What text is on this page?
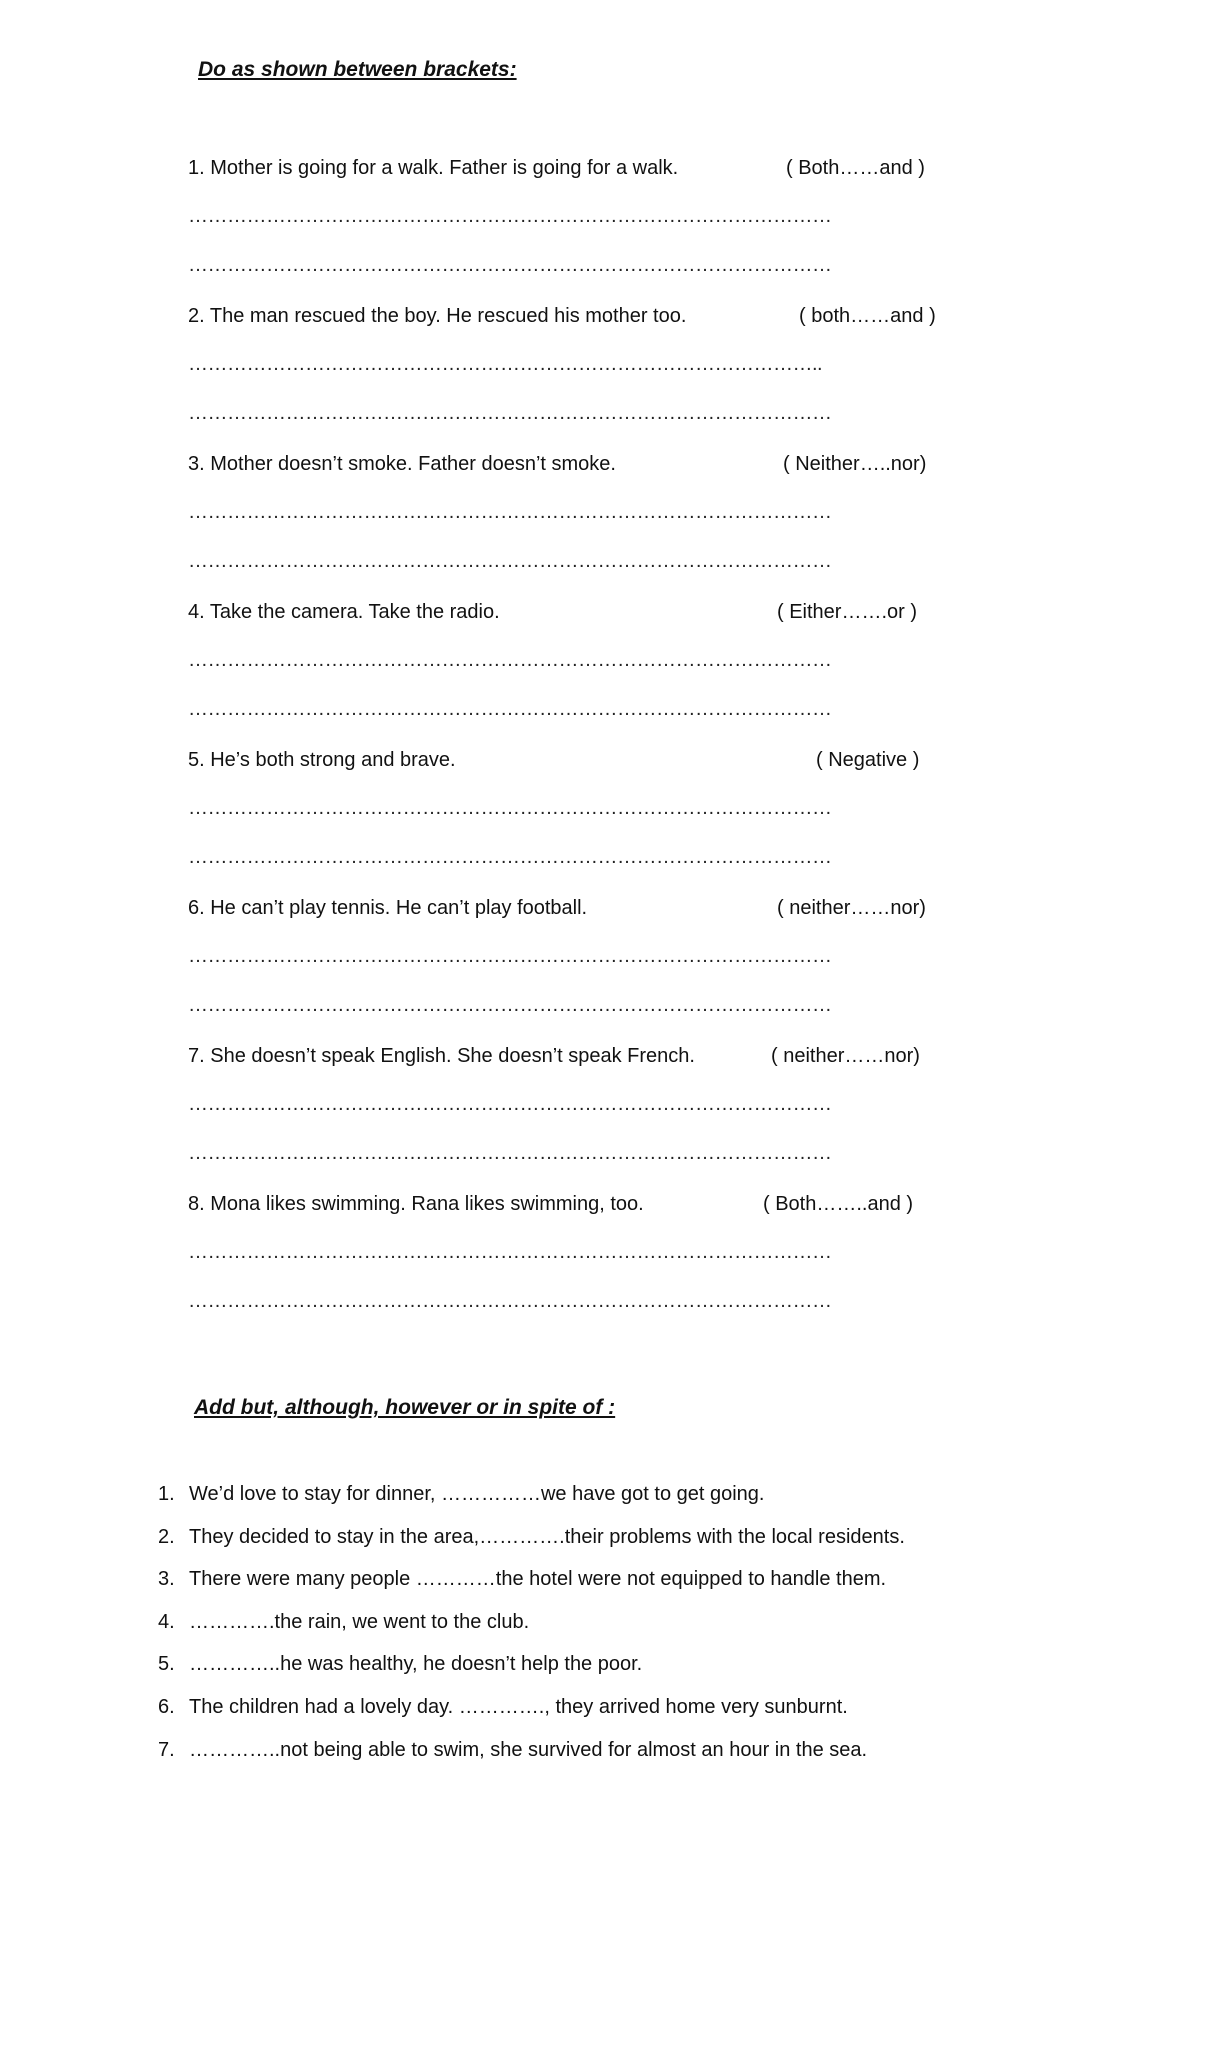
Do as shown between brackets:
1. Mother is going for a walk. Father is going for a walk.	( Both……and )
………………………………………………………………………………………
………………………………………………………………………………………
2. The man rescued the boy. He rescued his mother too.	( both……and )
……………………………………………………………………………………..
………………………………………………………………………………………
3. Mother doesn’t smoke. Father doesn’t smoke.	( Neither…..nor)
………………………………………………………………………………………
………………………………………………………………………………………
4. Take the camera. Take the radio.	( Either…….or )
………………………………………………………………………………………
………………………………………………………………………………………
5. He’s both strong and brave.	( Negative )
………………………………………………………………………………………
………………………………………………………………………………………
6. He can’t play tennis. He can’t play football.	( neither……nor)
………………………………………………………………………………………
………………………………………………………………………………………
7. She doesn’t speak English. She doesn’t speak French.	( neither……nor)
………………………………………………………………………………………
………………………………………………………………………………………
8. Mona likes swimming. Rana likes swimming, too.	( Both……..and )
………………………………………………………………………………………
………………………………………………………………………………………
Add but, although, however or in spite of :
1. We’d love to stay for dinner, ……………we have got to get going.
2. They decided to stay in the area,………….their problems with the local residents.
3. There were many people …………the hotel were not equipped to handle them.
4. ………….the rain, we went to the club.
5. …………..he was healthy, he doesn’t help the poor.
6. The children had a lovely day. …………., they arrived home very sunburnt.
7. …………..not being able to swim, she survived for almost an hour in the sea.
